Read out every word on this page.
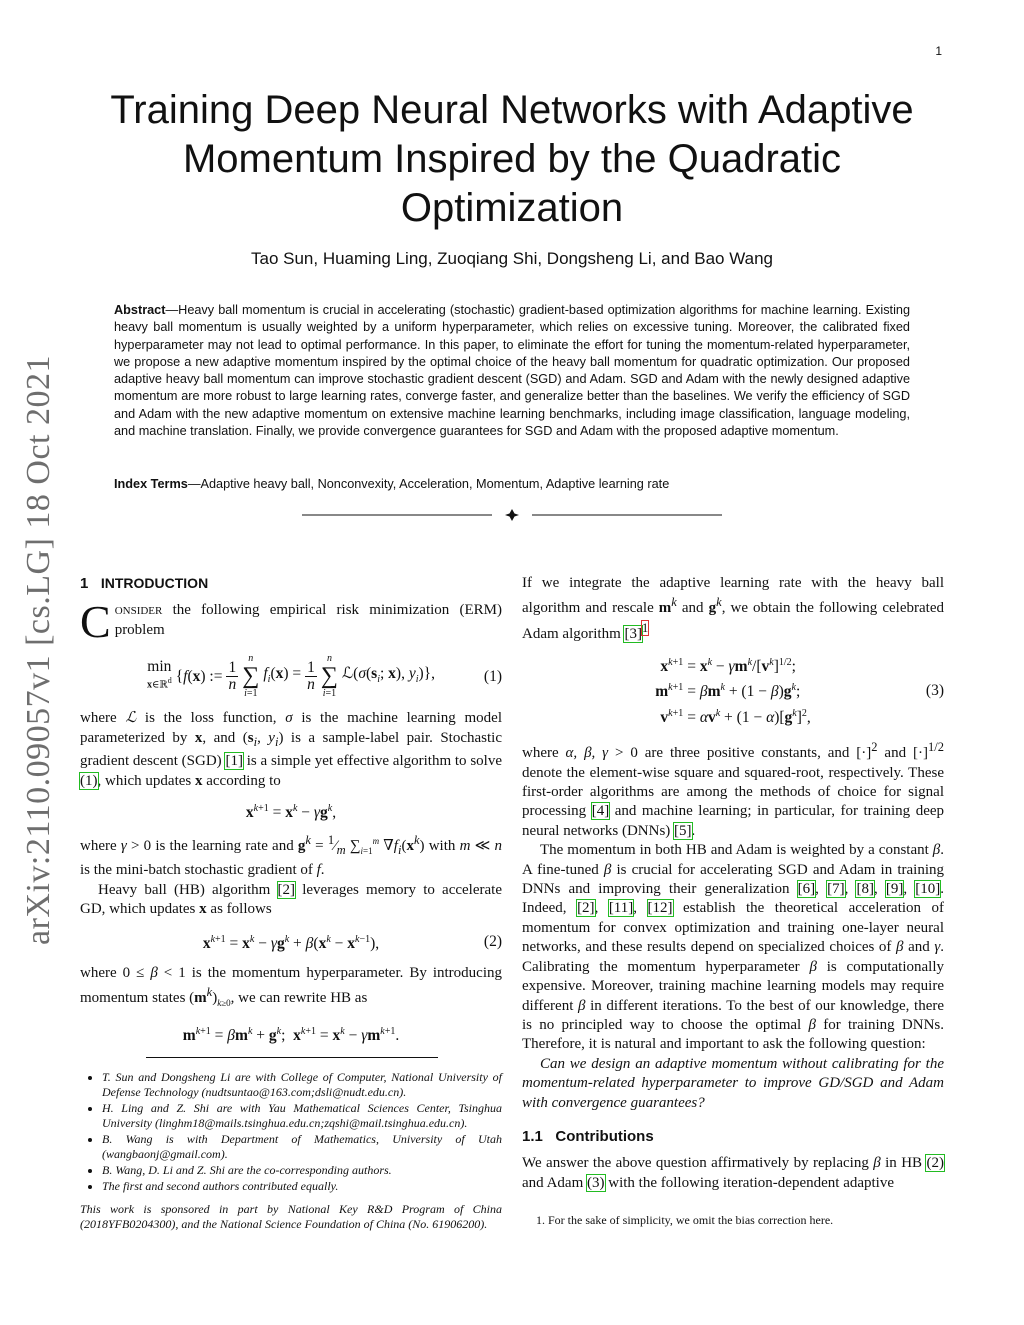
1
arXiv:2110.09057v1 [cs.LG] 18 Oct 2021
Training Deep Neural Networks with Adaptive Momentum Inspired by the Quadratic Optimization
Tao Sun, Huaming Ling, Zuoqiang Shi, Dongsheng Li, and Bao Wang

Abstract—Heavy ball momentum is crucial in accelerating (stochastic) gradient-based optimization algorithms for machine learning. Existing heavy ball momentum is usually weighted by a uniform hyperparameter, which relies on excessive tuning. Moreover, the calibrated fixed hyperparameter may not lead to optimal performance. In this paper, to eliminate the effort for tuning the momentum-related hyperparameter, we propose a new adaptive momentum inspired by the optimal choice of the heavy ball momentum for quadratic optimization. Our proposed adaptive heavy ball momentum can improve stochastic gradient descent (SGD) and Adam. SGD and Adam with the newly designed adaptive momentum are more robust to large learning rates, converge faster, and generalize better than the baselines. We verify the efficiency of SGD and Adam with the new adaptive momentum on extensive machine learning benchmarks, including image classification, language modeling, and machine translation. Finally, we provide convergence guarantees for SGD and Adam with the proposed adaptive momentum.

Index Terms—Adaptive heavy ball, Nonconvexity, Acceleration, Momentum, Adaptive learning rate

1 INTRODUCTION

Consider the following empirical risk minimization (ERM) problem

min
x∈ℝ$^d$ {f(x) := $\frac{1}{n}$
n
∑
i=1
$f_i(x) = \frac{1}{n}$
n
∑
i=1
$ℒ(\sigma(s_i$; x), $y_i$)},	(1)

where ℒ is the loss function, σ is the machine learning model parameterized by x, and ($s_i$, $y_i$) is a sample-label pair. Stochastic gradient descent (SGD) [1] is a simple yet effective algorithm to solve (1), which updates x according to

$x^{k+1} = x^k - \gamma g^k$,

where γ > 0 is the learning rate and $g^k$ = $^1⁄_m$ $\sum_{i=1}^m$ $\nabla f_i(x^k)$ with m ≪ n is the mini-batch stochastic gradient of f.

Heavy ball (HB) algorithm [2] leverages memory to accelerate GD, which updates x as follows

$x^{k+1} = x^k - \gamma g^k + \beta(x^k - x^{k-1})$,	(2)

where 0 ≤ β < 1 is the momentum hyperparameter. By introducing momentum states $(m^k)_{k\ge 0}$, we can rewrite HB as

$m^{k+1} = \beta m^k + g^k$;  $x^{k+1} = x^k - \gamma m^{k+1}$.
• T. Sun and Dongsheng Li are with College of Computer, National University of Defense Technology (nudtsuntao@163.com;dsli@nudt.edu.cn).
• H. Ling and Z. Shi are with Yau Mathematical Sciences Center, Tsinghua University (linghm18@mails.tsinghua.edu.cn;zqshi@mail.tsinghua.edu.cn).
• B. Wang is with Department of Mathematics, University of Utah (wangbaonj@gmail.com).
• B. Wang, D. Li and Z. Shi are the co-corresponding authors.
• The first and second authors contributed equally.

This work is sponsored in part by National Key R&D Program of China (2018YFB0204300), and the National Science Foundation of China (No. 61906200).

If we integrate the adaptive learning rate with the heavy ball algorithm and rescale $m^k$ and $g^k$, we obtain the following celebrated Adam algorithm [3]$^1$

$x^{k+1}$	= $x^k - \gamma m^k/[v^k]^{1/2}$;
$m^{k+1}$	= $\beta m^k + (1 - \beta)g^k$;
$v^{k+1}$	= $\alpha v^k + (1 - \alpha)[g^k]^2$,
(3)

where α, β, γ > 0 are three positive constants, and $[\cdot]^2$ and $[\cdot]^{1/2}$ denote the element-wise square and squared-root, respectively. These first-order algorithms are among the methods of choice for signal processing [4] and machine learning; in particular, for training deep neural networks (DNNs) [5].

The momentum in both HB and Adam is weighted by a constant β. A fine-tuned β is crucial for accelerating SGD and Adam in training DNNs and improving their generalization [6], [7], [8], [9], [10]. Indeed, [2], [11], [12] establish the theoretical acceleration of momentum for convex optimization and training one-layer neural networks, and these results depend on specialized choices of β and γ. Calibrating the momentum hyperparameter β is computationally expensive. Moreover, training machine learning models may require different β in different iterations. To the best of our knowledge, there is no principled way to choose the optimal β for training DNNs. Therefore, it is natural and important to ask the following question:

Can we design an adaptive momentum without calibrating for the momentum-related hyperparameter to improve GD/SGD and Adam with convergence guarantees?

1.1 Contributions

We answer the above question affirmatively by replacing β in HB (2) and Adam (3) with the following iteration-dependent adaptive

1. For the sake of simplicity, we omit the bias correction here.
